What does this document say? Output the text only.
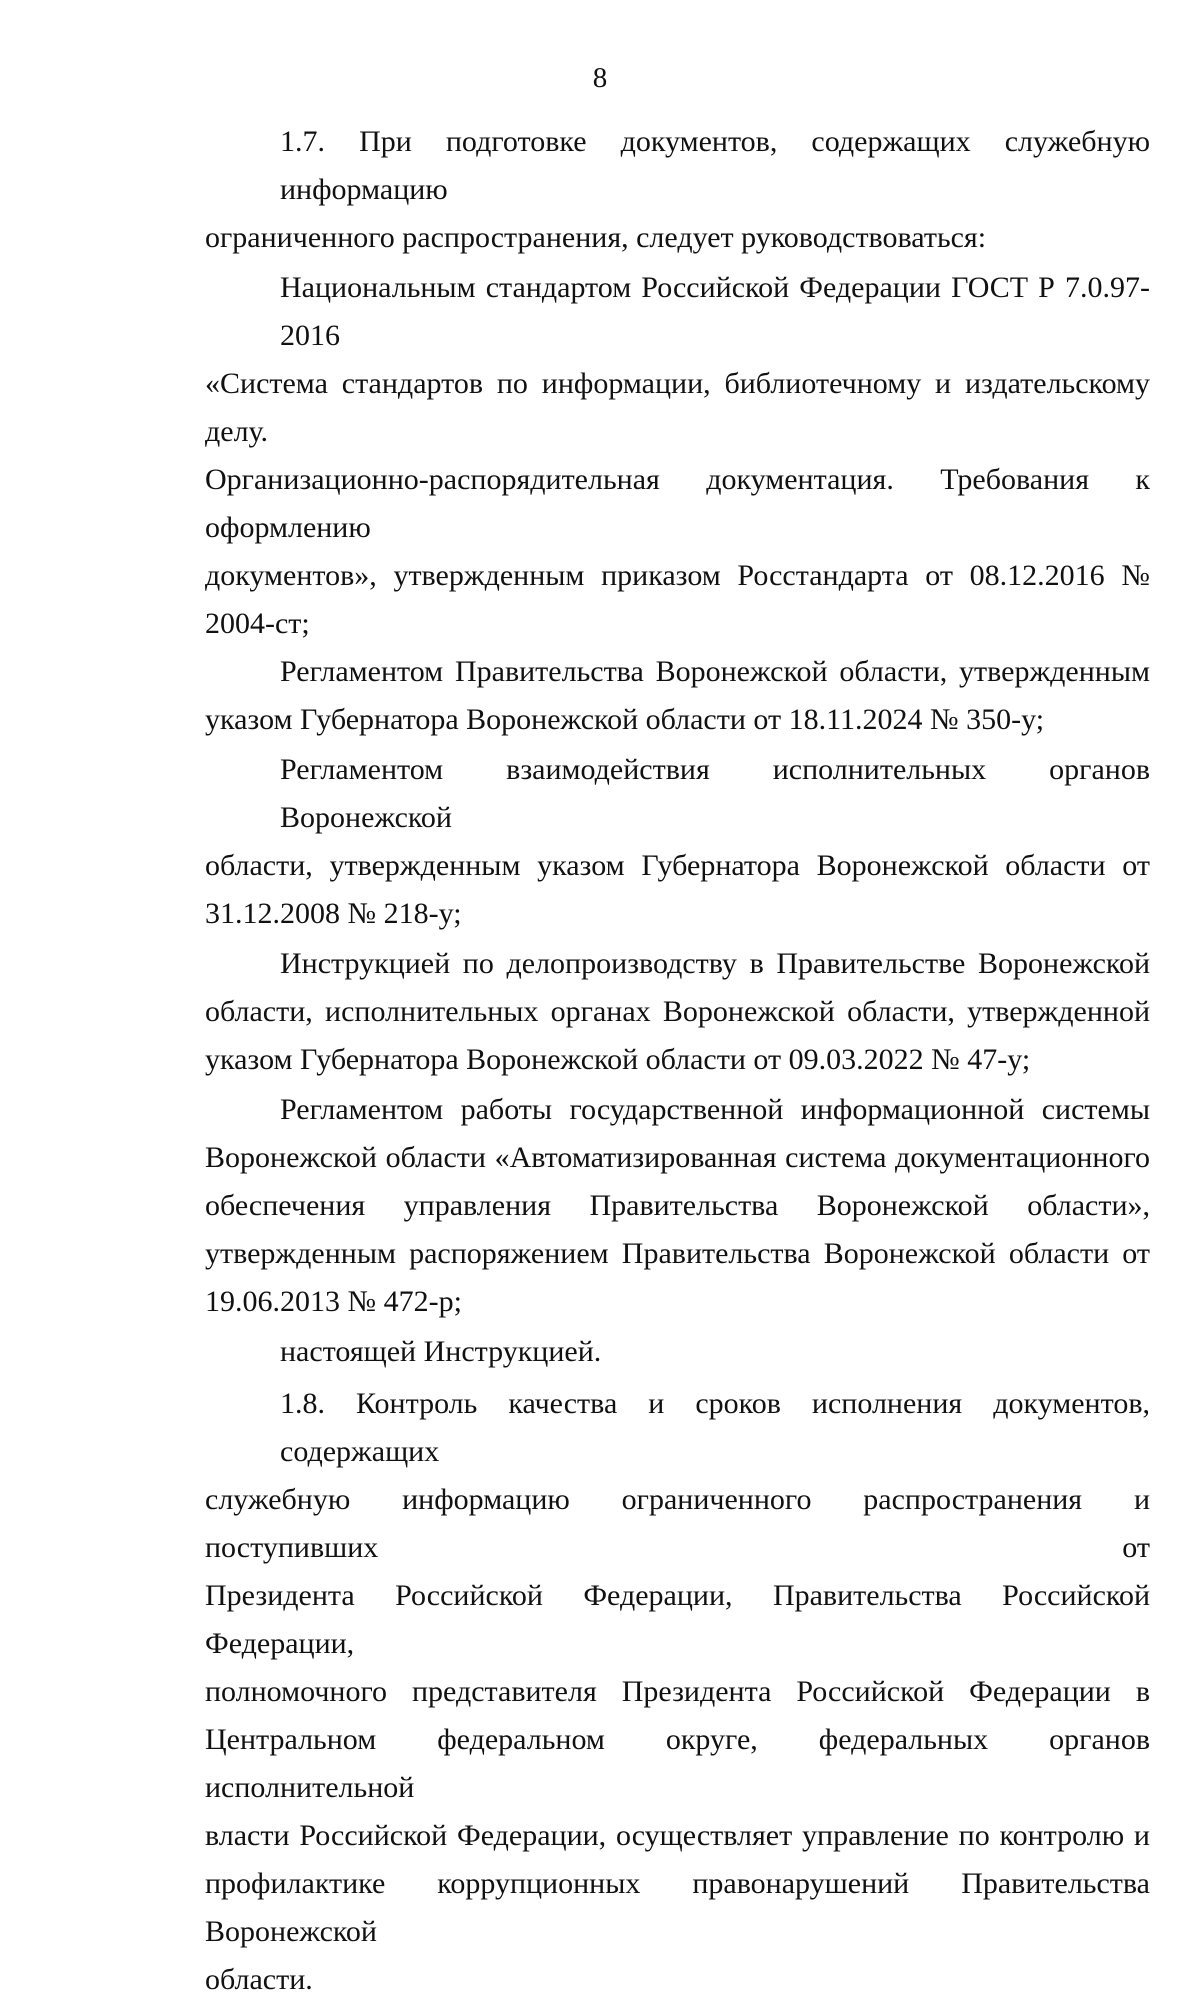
8
1.7. При подготовке документов, содержащих служебную информацию
ограниченного распространения, следует руководствоваться:
Национальным стандартом Российской Федерации ГОСТ Р 7.0.97-2016
«Система стандартов по информации, библиотечному и издательскому делу.
Организационно-распорядительная документация. Требования к оформлению
документов», утвержденным приказом Росстандарта от 08.12.2016 № 2004-ст;
Регламентом Правительства Воронежской области, утвержденным
указом Губернатора Воронежской области от 18.11.2024 № 350-у;
Регламентом взаимодействия исполнительных органов Воронежской
области, утвержденным указом Губернатора Воронежской области от
31.12.2008 № 218-у;
Инструкцией по делопроизводству в Правительстве Воронежской
области, исполнительных органах Воронежской области, утвержденной
указом Губернатора Воронежской области от 09.03.2022 № 47-у;
Регламентом работы государственной информационной системы
Воронежской области «Автоматизированная система документационного
обеспечения управления Правительства Воронежской области»,
утвержденным распоряжением Правительства Воронежской области от
19.06.2013 № 472-р;
настоящей Инструкцией.
1.8. Контроль качества и сроков исполнения документов, содержащих
служебную информацию ограниченного распространения и поступивших от
Президента Российской Федерации, Правительства Российской Федерации,
полномочного представителя Президента Российской Федерации в
Центральном федеральном округе, федеральных органов исполнительной
власти Российской Федерации, осуществляет управление по контролю и
профилактике коррупционных правонарушений Правительства Воронежской
области.
